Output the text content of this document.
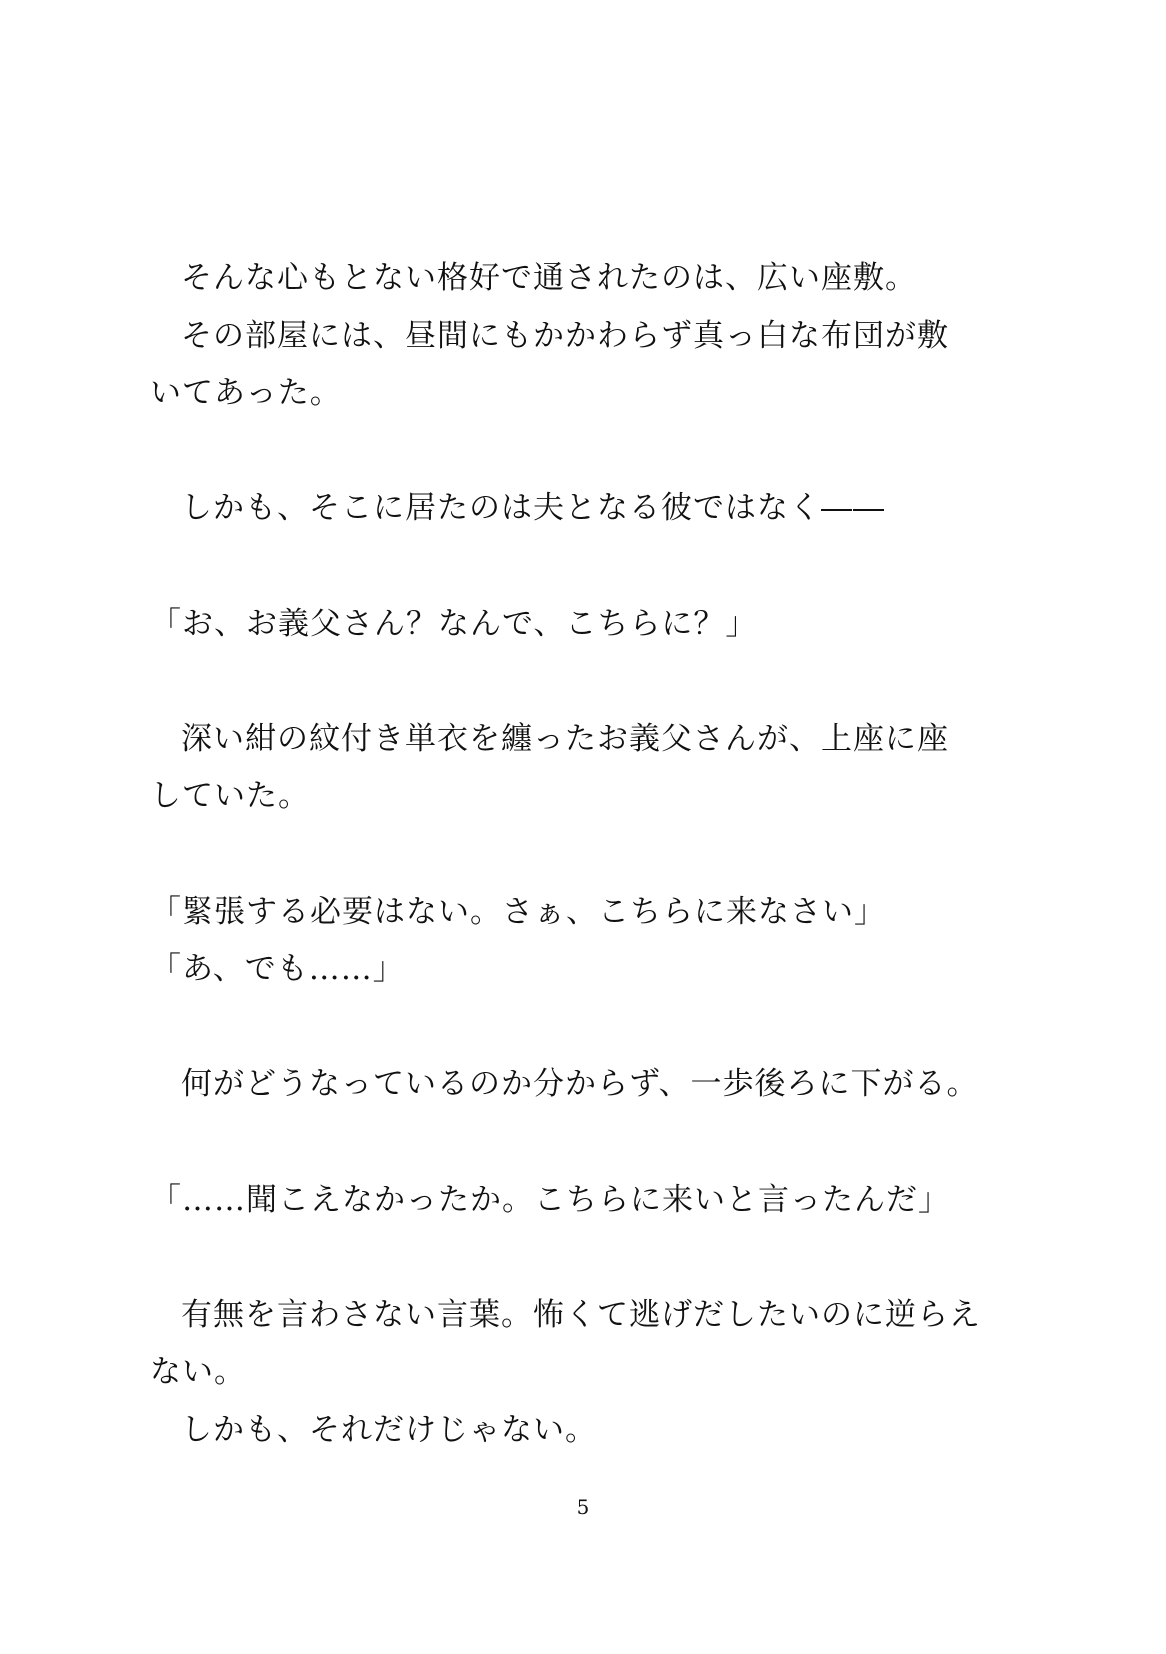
そんな心もとない格好で通されたのは、広い座敷。
その部屋には、昼間にもかかわらず真っ白な布団が敷
いてあった。
しかも、そこに居たのは夫となる彼ではなく――
「お、お義父さん？なんで、こちらに？」
深い紺の紋付き単衣を纏ったお義父さんが、上座に座
していた。
「緊張する必要はない。さぁ、こちらに来なさい」
「あ、でも……」
何がどうなっているのか分からず、一歩後ろに下がる。
「……聞こえなかったか。こちらに来いと言ったんだ」
有無を言わさない言葉。怖くて逃げだしたいのに逆らえ
ない。
しかも、それだけじゃない。
5
